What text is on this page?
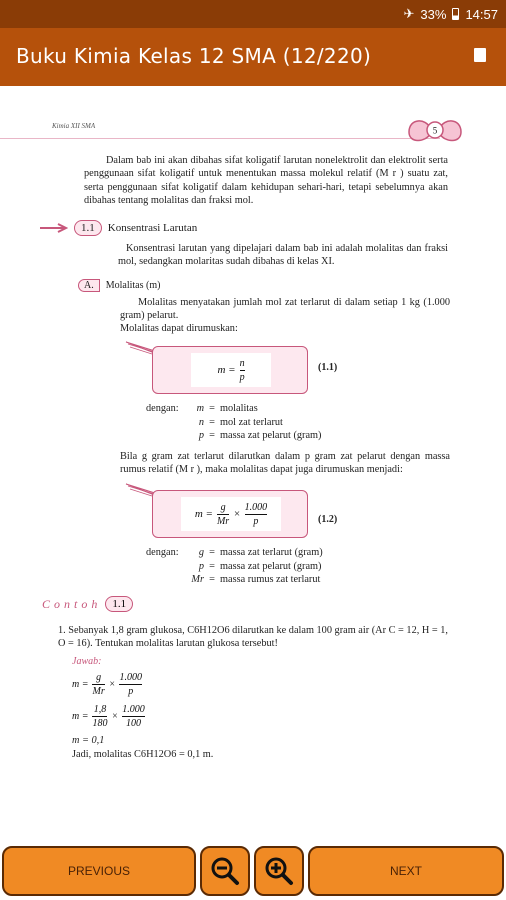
✈ 33% 14:57
Buku Kimia Kelas 12 SMA (12/220)
Kimia XII SMA	5
Dalam bab ini akan dibahas sifat koligatif larutan nonelektrolit dan elektrolit serta penggunaan sifat koligatif untuk menentukan massa molekul relatif (M r ) suatu zat, serta penggunaan sifat koligatif dalam kehidupan sehari-hari, tetapi sebelumnya akan dibahas tentang molalitas dan fraksi mol.
1.1	Konsentrasi Larutan
Konsentrasi larutan yang dipelajari dalam bab ini adalah molalitas dan fraksi mol, sedangkan molaritas sudah dibahas di kelas XI.
A.	Molalitas (m)
Molalitas menyatakan jumlah mol zat terlarut di dalam setiap 1 kg (1.000 gram) pelarut.
Molalitas dapat dirumuskan:
$m = \frac{n}{p}$	(1.1)
dengan:	m = molalitas
n = mol zat terlarut
p = massa zat pelarut (gram)
Bila g gram zat terlarut dilarutkan dalam p gram zat pelarut dengan massa rumus relatif (M r ), maka molalitas dapat juga dirumuskan menjadi:
$m = \frac{g}{Mr} \times \frac{1.000}{p}$	(1.2)
dengan:	g = massa zat terlarut (gram)
p = massa zat pelarut (gram)
Mr = massa rumus zat terlarut
Contoh	1.1
1. Sebanyak 1,8 gram glukosa, C6H12O6 dilarutkan ke dalam 100 gram air (Ar C = 12, H = 1, O = 16). Tentukan molalitas larutan glukosa tersebut!
Jawab:
$m = \frac{g}{Mr} \times \frac{1.000}{p}$
$m = \frac{1,8}{180} \times \frac{1.000}{100}$
m = 0,1
Jadi, molalitas C6H12O6 = 0,1 m.
PREVIOUS	NEXT
